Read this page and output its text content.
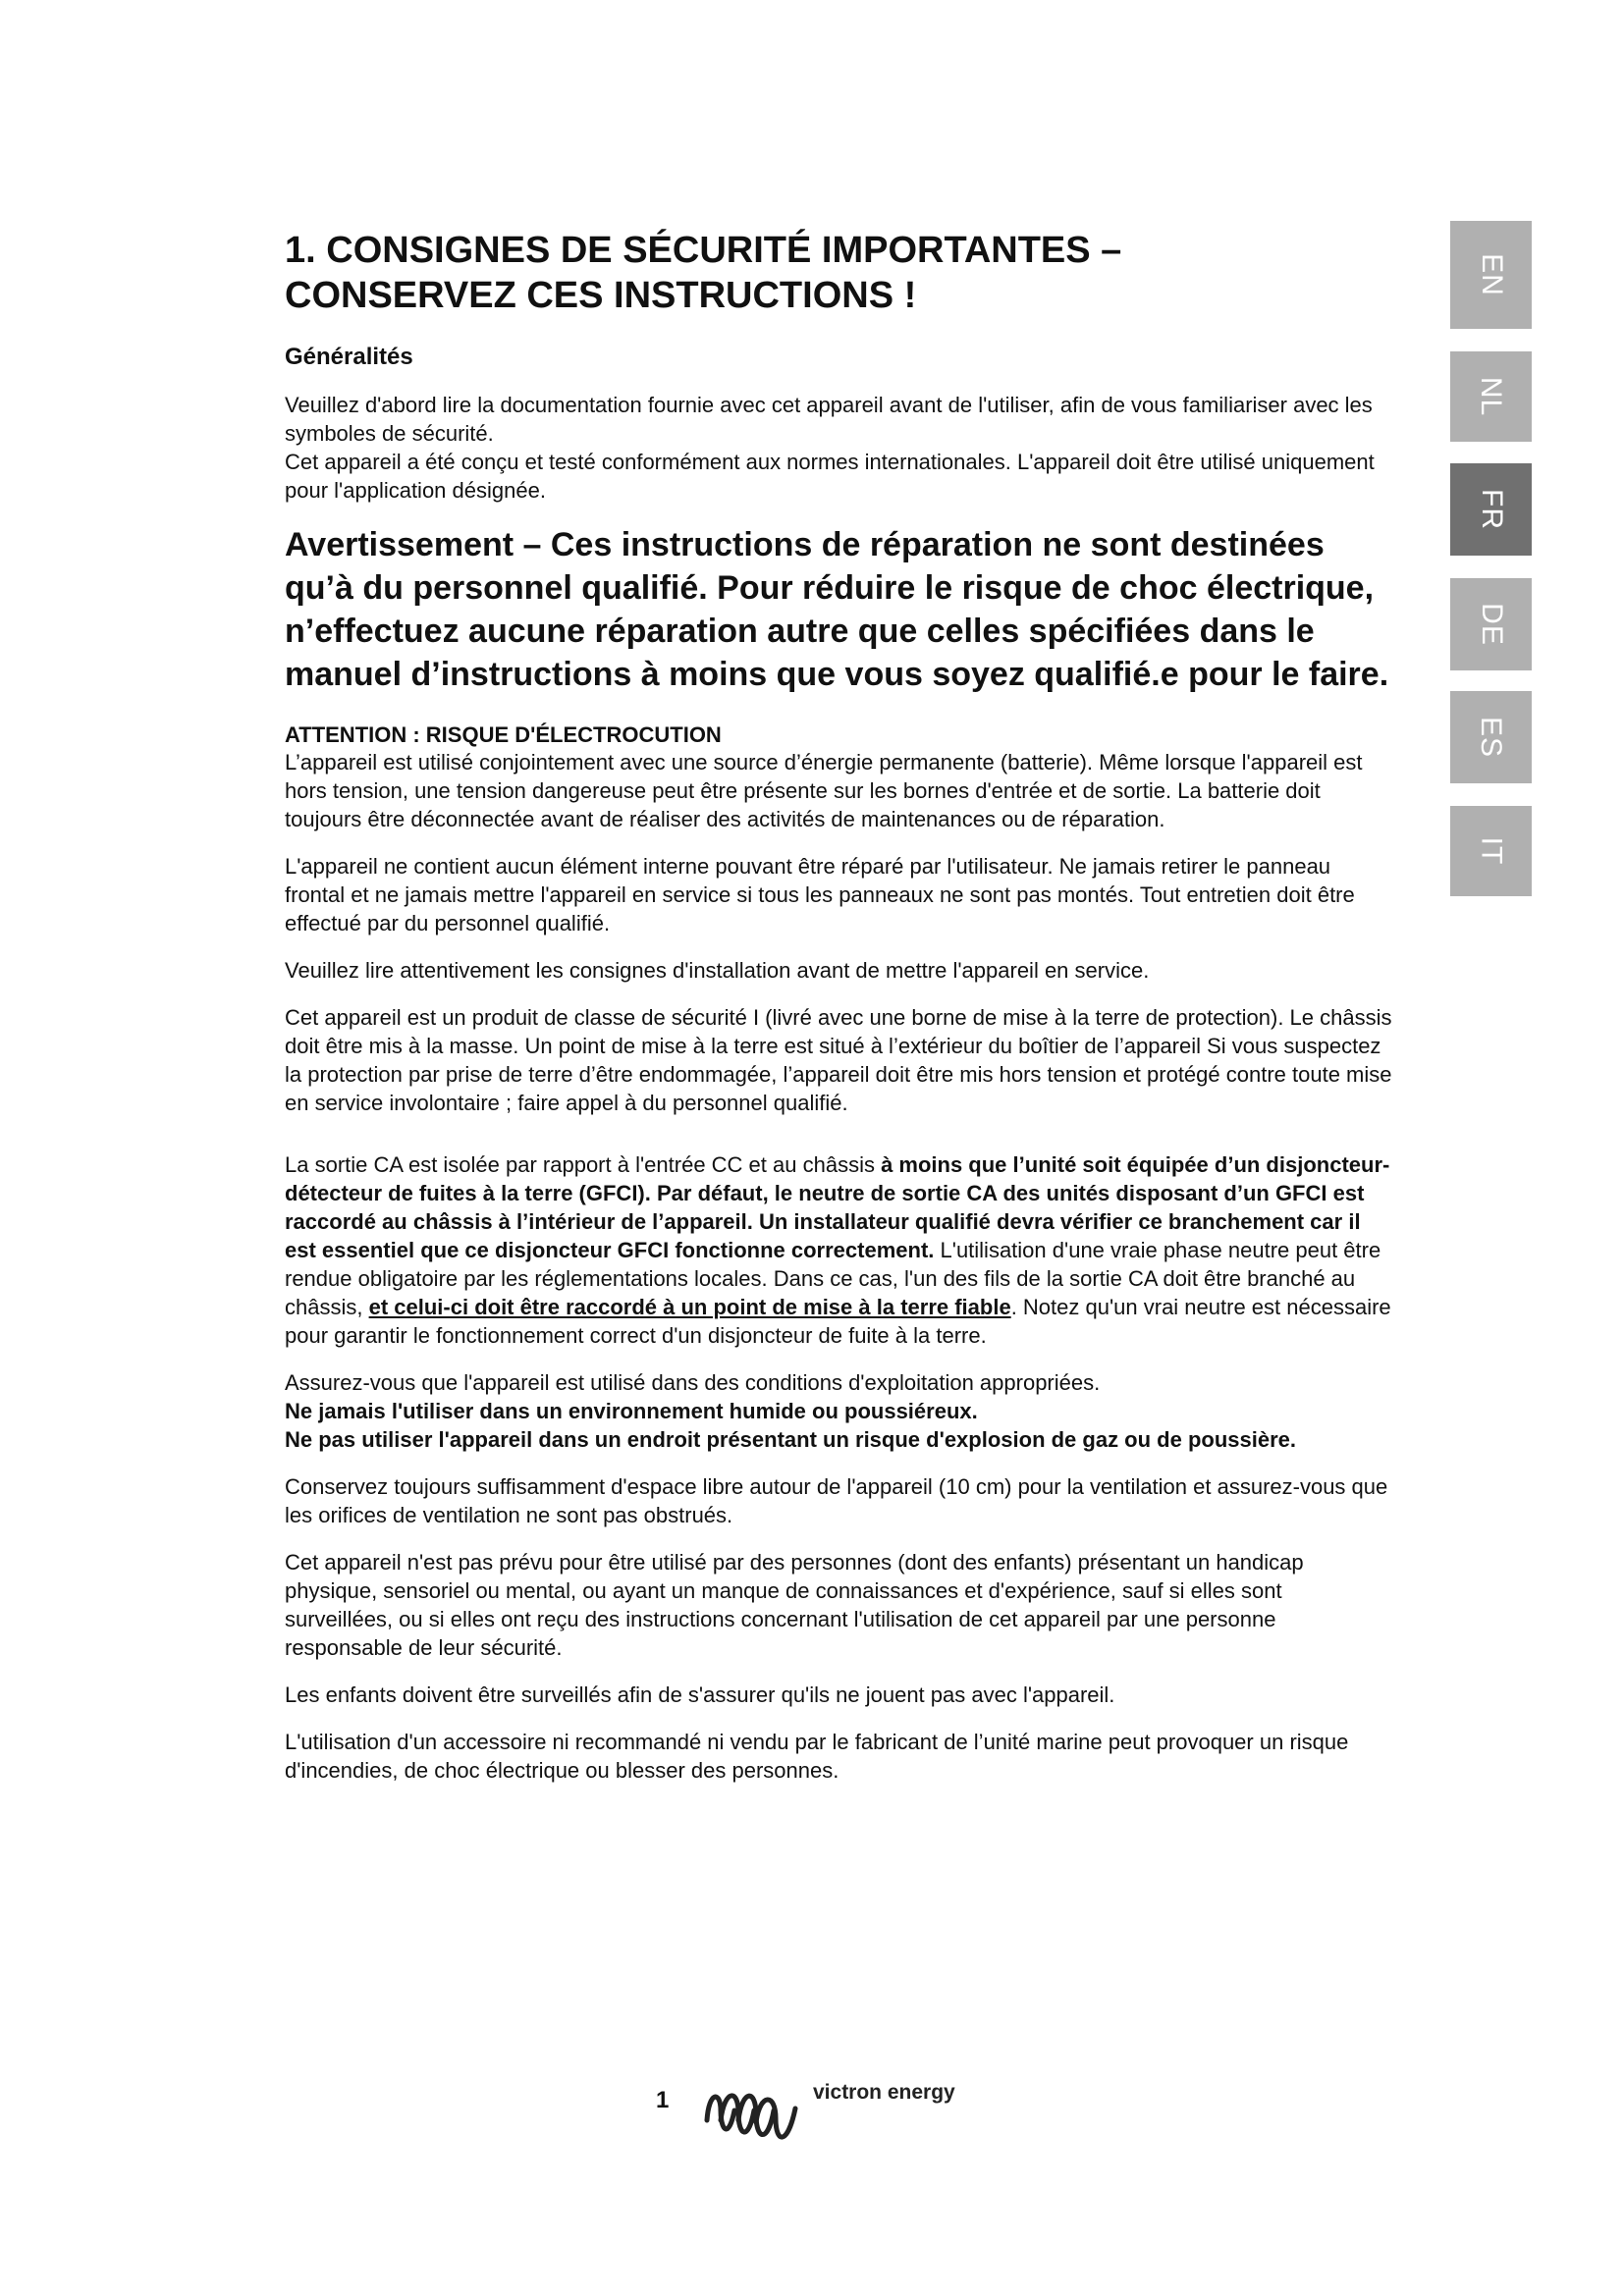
1. CONSIGNES DE SÉCURITÉ IMPORTANTES –
CONSERVEZ CES INSTRUCTIONS !
Généralités

Veuillez d'abord lire la documentation fournie avec cet appareil avant de l'utiliser, afin de vous familiariser avec les symboles de sécurité.

Cet appareil a été conçu et testé conformément aux normes internationales. L'appareil doit être utilisé uniquement pour l'application désignée.

Avertissement – Ces instructions de réparation ne sont destinées qu’à du personnel qualifié. Pour réduire le risque de choc électrique, n’effectuez aucune réparation autre que celles spécifiées dans le manuel d’instructions à moins que vous soyez qualifié.e pour le faire.

ATTENTION : RISQUE D'ÉLECTROCUTION
L’appareil est utilisé conjointement avec une source d’énergie permanente (batterie). Même lorsque l'appareil est hors tension, une tension dangereuse peut être présente sur les bornes d'entrée et de sortie. La batterie doit toujours être déconnectée avant de réaliser des activités de maintenances ou de réparation.

L'appareil ne contient aucun élément interne pouvant être réparé par l'utilisateur. Ne jamais retirer le panneau frontal et ne jamais mettre l'appareil en service si tous les panneaux ne sont pas montés. Tout entretien doit être effectué par du personnel qualifié.

Veuillez lire attentivement les consignes d'installation avant de mettre l'appareil en service.

Cet appareil est un produit de classe de sécurité I (livré avec une borne de mise à la terre de protection). Le châssis doit être mis à la masse. Un point de mise à la terre est situé à l’extérieur du boîtier de l’appareil Si vous suspectez la protection par prise de terre d’être endommagée, l’appareil doit être mis hors tension et protégé contre toute mise en service involontaire ; faire appel à du personnel qualifié.

La sortie CA est isolée par rapport à l'entrée CC et au châssis à moins que l’unité soit équipée d’un disjoncteur-détecteur de fuites à la terre (GFCI). Par défaut, le neutre de sortie CA des unités disposant d’un GFCI est raccordé au châssis à l’intérieur de l’appareil. Un installateur qualifié devra vérifier ce branchement car il est essentiel que ce disjoncteur GFCI fonctionne correctement. L'utilisation d'une vraie phase neutre peut être rendue obligatoire par les réglementations locales. Dans ce cas, l'un des fils de la sortie CA doit être branché au châssis, et celui-ci doit être raccordé à un point de mise à la terre fiable. Notez qu'un vrai neutre est nécessaire pour garantir le fonctionnement correct d'un disjoncteur de fuite à la terre.

Assurez-vous que l'appareil est utilisé dans des conditions d'exploitation appropriées.
Ne jamais l'utiliser dans un environnement humide ou poussiéreux.
Ne pas utiliser l'appareil dans un endroit présentant un risque d'explosion de gaz ou de poussière.

Conservez toujours suffisamment d'espace libre autour de l'appareil (10 cm) pour la ventilation et assurez-vous que les orifices de ventilation ne sont pas obstrués.

Cet appareil n'est pas prévu pour être utilisé par des personnes (dont des enfants) présentant un handicap physique, sensoriel ou mental, ou ayant un manque de connaissances et d'expérience, sauf si elles sont surveillées, ou si elles ont reçu des instructions concernant l'utilisation de cet appareil par une personne responsable de leur sécurité.

Les enfants doivent être surveillés afin de s'assurer qu'ils ne jouent pas avec l'appareil.

L'utilisation d'un accessoire ni recommandé ni vendu par le fabricant de l’unité marine peut provoquer un risque d'incendies, de choc électrique ou blesser des personnes.

EN
NL
FR
DE
ES
IT
1	victron energy
